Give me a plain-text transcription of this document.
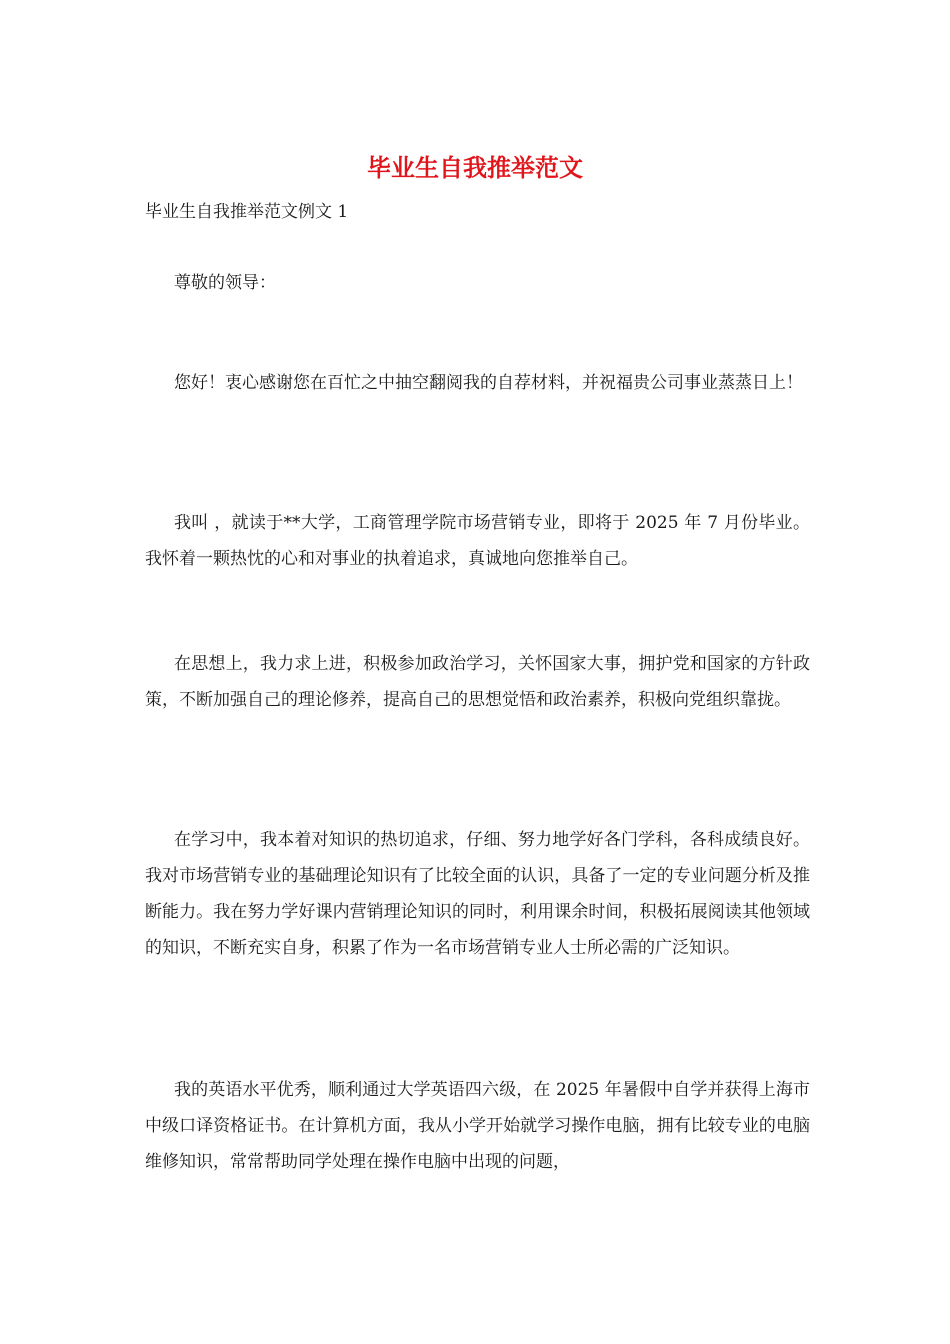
毕业生自我推举范文
毕业生自我推举范文例文 1

尊敬的领导：

您好！衷心感谢您在百忙之中抽空翻阅我的自荐材料，并祝福贵公司事业蒸蒸日上！

我叫 ，就读于**大学，工商管理学院市场营销专业，即将于 2025 年 7 月份毕业。我怀着一颗热忱的心和对事业的执着追求，真诚地向您推举自己。

在思想上，我力求上进，积极参加政治学习，关怀国家大事，拥护党和国家的方针政策，不断加强自己的理论修养，提高自己的思想觉悟和政治素养，积极向党组织靠拢。

在学习中，我本着对知识的热切追求，仔细、努力地学好各门学科，各科成绩良好。我对市场营销专业的基础理论知识有了比较全面的认识，具备了一定的专业问题分析及推断能力。我在努力学好课内营销理论知识的同时，利用课余时间，积极拓展阅读其他领域的知识，不断充实自身，积累了作为一名市场营销专业人士所必需的广泛知识。

我的英语水平优秀，顺利通过大学英语四六级，在 2025 年暑假中自学并获得上海市中级口译资格证书。在计算机方面，我从小学开始就学习操作电脑，拥有比较专业的电脑维修知识，常常帮助同学处理在操作电脑中出现的问题，
